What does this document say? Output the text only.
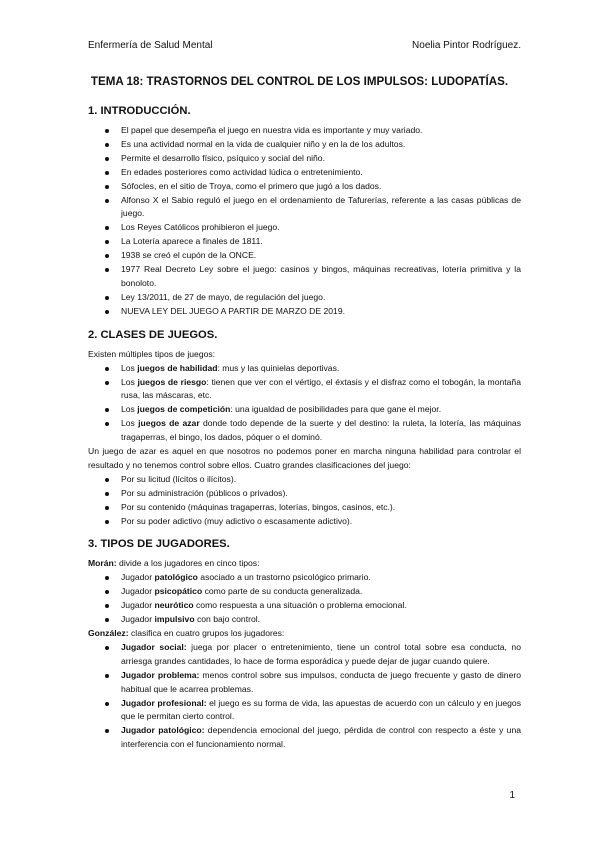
Enfermería de Salud Mental	Noelia Pintor Rodríguez.
TEMA 18: TRASTORNOS DEL CONTROL DE LOS IMPULSOS: LUDOPATÍAS.
1. INTRODUCCIÓN.
El papel que desempeña el juego en nuestra vida es importante y muy variado.
Es una actividad normal en la vida de cualquier niño y en la de los adultos.
Permite el desarrollo físico, psíquico y social del niño.
En edades posteriores como actividad lúdica o entretenimiento.
Sófocles, en el sitio de Troya, como el primero que jugó a los dados.
Alfonso X el Sabio reguló el juego en el ordenamiento de Tafurerías, referente a las casas públicas de juego.
Los Reyes Católicos prohibieron el juego.
La Lotería aparece a finales de 1811.
1938 se creó el cupón de la ONCE.
1977 Real Decreto Ley sobre el juego: casinos y bingos, máquinas recreativas, lotería primitiva y la bonoloto.
Ley 13/2011, de 27 de mayo, de regulación del juego.
NUEVA LEY DEL JUEGO A PARTIR DE MARZO DE 2019.
2. CLASES DE JUEGOS.

Existen múltiples tipos de juegos:

Los juegos de habilidad: mus y las quinielas deportivas.
Los juegos de riesgo: tienen que ver con el vértigo, el éxtasis y el disfraz como el tobogán, la montaña rusa, las máscaras, etc.
Los juegos de competición: una igualdad de posibilidades para que gane el mejor.
Los juegos de azar donde todo depende de la suerte y del destino: la ruleta, la lotería, las máquinas tragaperras, el bingo, los dados, póquer o el dominó.

Un juego de azar es aquel en que nosotros no podemos poner en marcha ninguna habilidad para controlar el resultado y no tenemos control sobre ellos. Cuatro grandes clasificaciones del juego:

Por su licitud (lícitos o ilícitos).
Por su administración (públicos o privados).
Por su contenido (máquinas tragaperras, loterías, bingos, casinos, etc.).
Por su poder adictivo (muy adictivo o escasamente adictivo).
3. TIPOS DE JUGADORES.

Morán: divide a los jugadores en cinco tipos:

Jugador patológico asociado a un trastorno psicológico primario.
Jugador psicopático como parte de su conducta generalizada.
Jugador neurótico como respuesta a una situación o problema emocional.
Jugador impulsivo con bajo control.

González: clasifica en cuatro grupos los jugadores:

Jugador social: juega por placer o entretenimiento, tiene un control total sobre esa conducta, no arriesga grandes cantidades, lo hace de forma esporádica y puede dejar de jugar cuando quiere.
Jugador problema: menos control sobre sus impulsos, conducta de juego frecuente y gasto de dinero habitual que le acarrea problemas.
Jugador profesional: el juego es su forma de vida, las apuestas de acuerdo con un cálculo y en juegos que le permitan cierto control.
Jugador patológico: dependencia emocional del juego, pérdida de control con respecto a éste y una interferencia con el funcionamiento normal.
1
